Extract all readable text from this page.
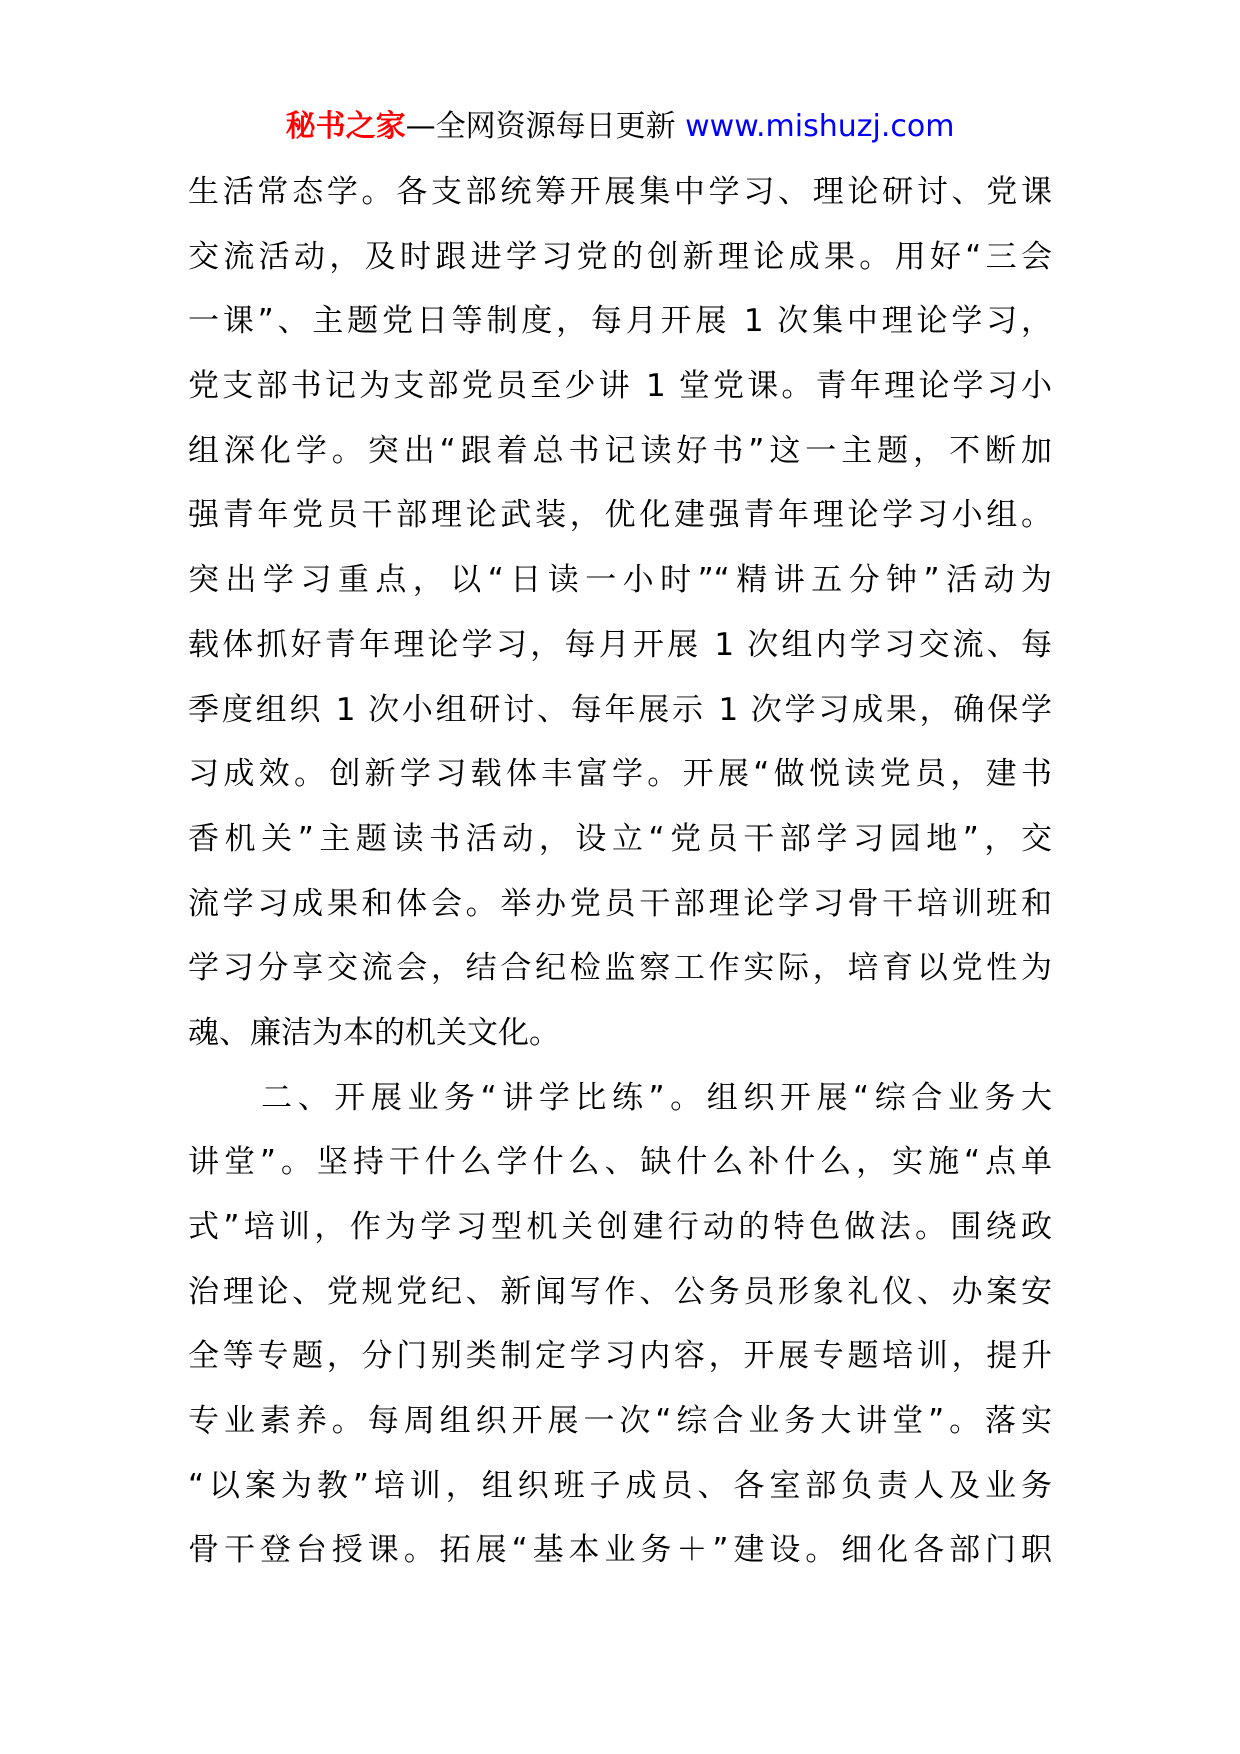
秘书之家—全网资源每日更新 www.mishuzj.com
生活常态学。各支部统筹开展集中学习、理论研讨、党课
交流活动，及时跟进学习党的创新理论成果。用好“三会
一课”、主题党日等制度，每月开展 1 次集中理论学习，
党支部书记为支部党员至少讲 1 堂党课。青年理论学习小
组深化学。突出“跟着总书记读好书”这一主题，不断加
强青年党员干部理论武装，优化建强青年理论学习小组。
突出学习重点，以“日读一小时”“精讲五分钟”活动为
载体抓好青年理论学习，每月开展 1 次组内学习交流、每
季度组织 1 次小组研讨、每年展示 1 次学习成果，确保学
习成效。创新学习载体丰富学。开展“做悦读党员，建书
香机关”主题读书活动，设立“党员干部学习园地”，交
流学习成果和体会。举办党员干部理论学习骨干培训班和
学习分享交流会，结合纪检监察工作实际，培育以党性为
魂、廉洁为本的机关文化。
　　二、开展业务“讲学比练”。组织开展“综合业务大
讲堂”。坚持干什么学什么、缺什么补什么，实施“点单
式”培训，作为学习型机关创建行动的特色做法。围绕政
治理论、党规党纪、新闻写作、公务员形象礼仪、办案安
全等专题，分门别类制定学习内容，开展专题培训，提升
专业素养。每周组织开展一次“综合业务大讲堂”。落实
“以案为教”培训，组织班子成员、各室部负责人及业务
骨干登台授课。拓展“基本业务＋”建设。细化各部门职
